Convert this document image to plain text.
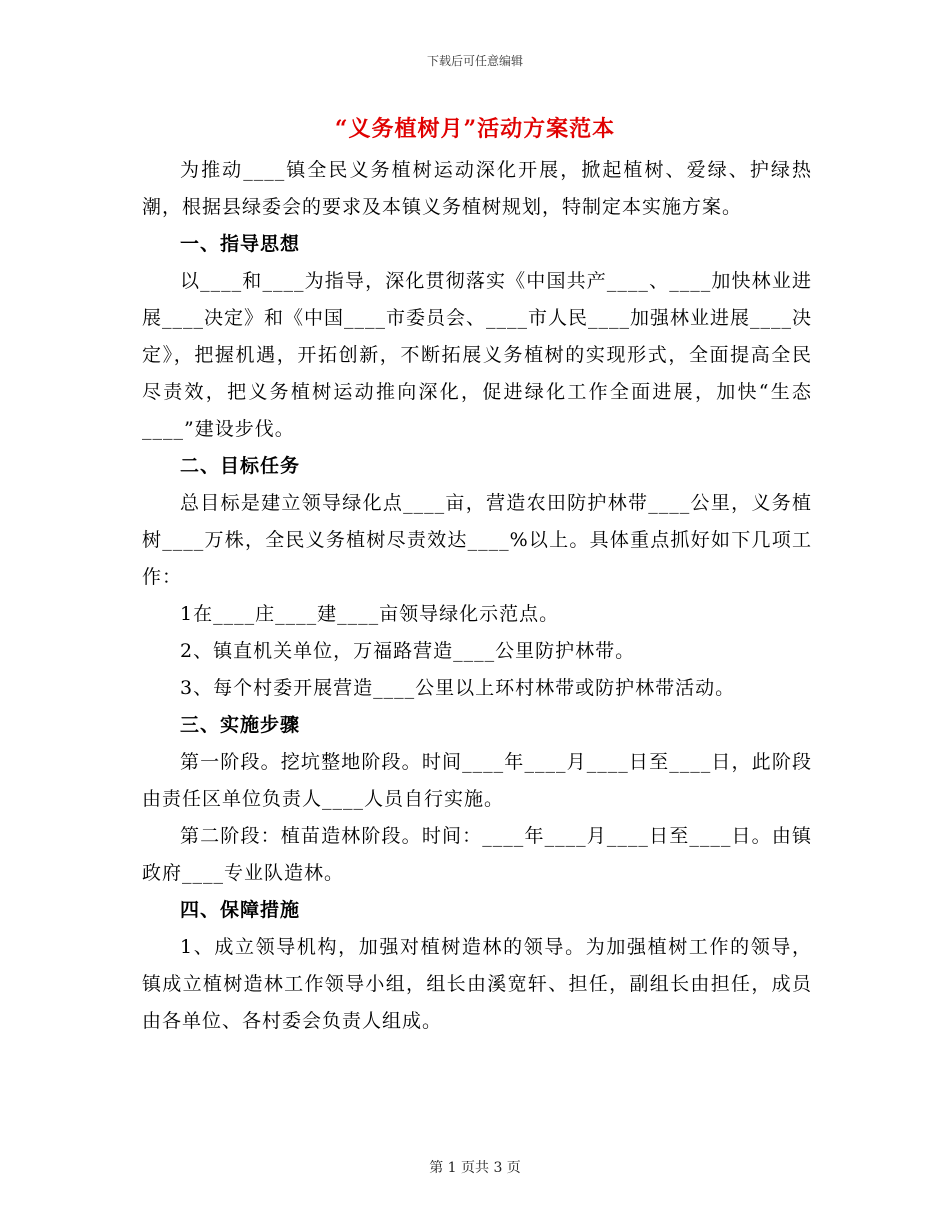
下载后可任意编辑
“义务植树月”活动方案范本

为推动____镇全民义务植树运动深化开展，掀起植树、爱绿、护绿热潮，根据县绿委会的要求及本镇义务植树规划，特制定本实施方案。

一、指导思想

以____和____为指导，深化贯彻落实《中国共产____、____加快林业进展____决定》和《中国____市委员会、____市人民____加强林业进展____决定》，把握机遇，开拓创新，不断拓展义务植树的实现形式，全面提高全民尽责效，把义务植树运动推向深化，促进绿化工作全面进展，加快“生态____”建设步伐。

二、目标任务

总目标是建立领导绿化点____亩，营造农田防护林带____公里，义务植树____万株，全民义务植树尽责效达____%以上。具体重点抓好如下几项工作：

1在____庄____建____亩领导绿化示范点。

2、镇直机关单位，万福路营造____公里防护林带。

3、每个村委开展营造____公里以上环村林带或防护林带活动。

三、实施步骤

第一阶段。挖坑整地阶段。时间____年____月____日至____日，此阶段由责任区单位负责人____人员自行实施。

第二阶段：植苗造林阶段。时间：____年____月____日至____日。由镇政府____专业队造林。

四、保障措施

1、成立领导机构，加强对植树造林的领导。为加强植树工作的领导，镇成立植树造林工作领导小组，组长由溪宽轩、担任，副组长由担任，成员由各单位、各村委会负责人组成。

第 1 页共 3 页
